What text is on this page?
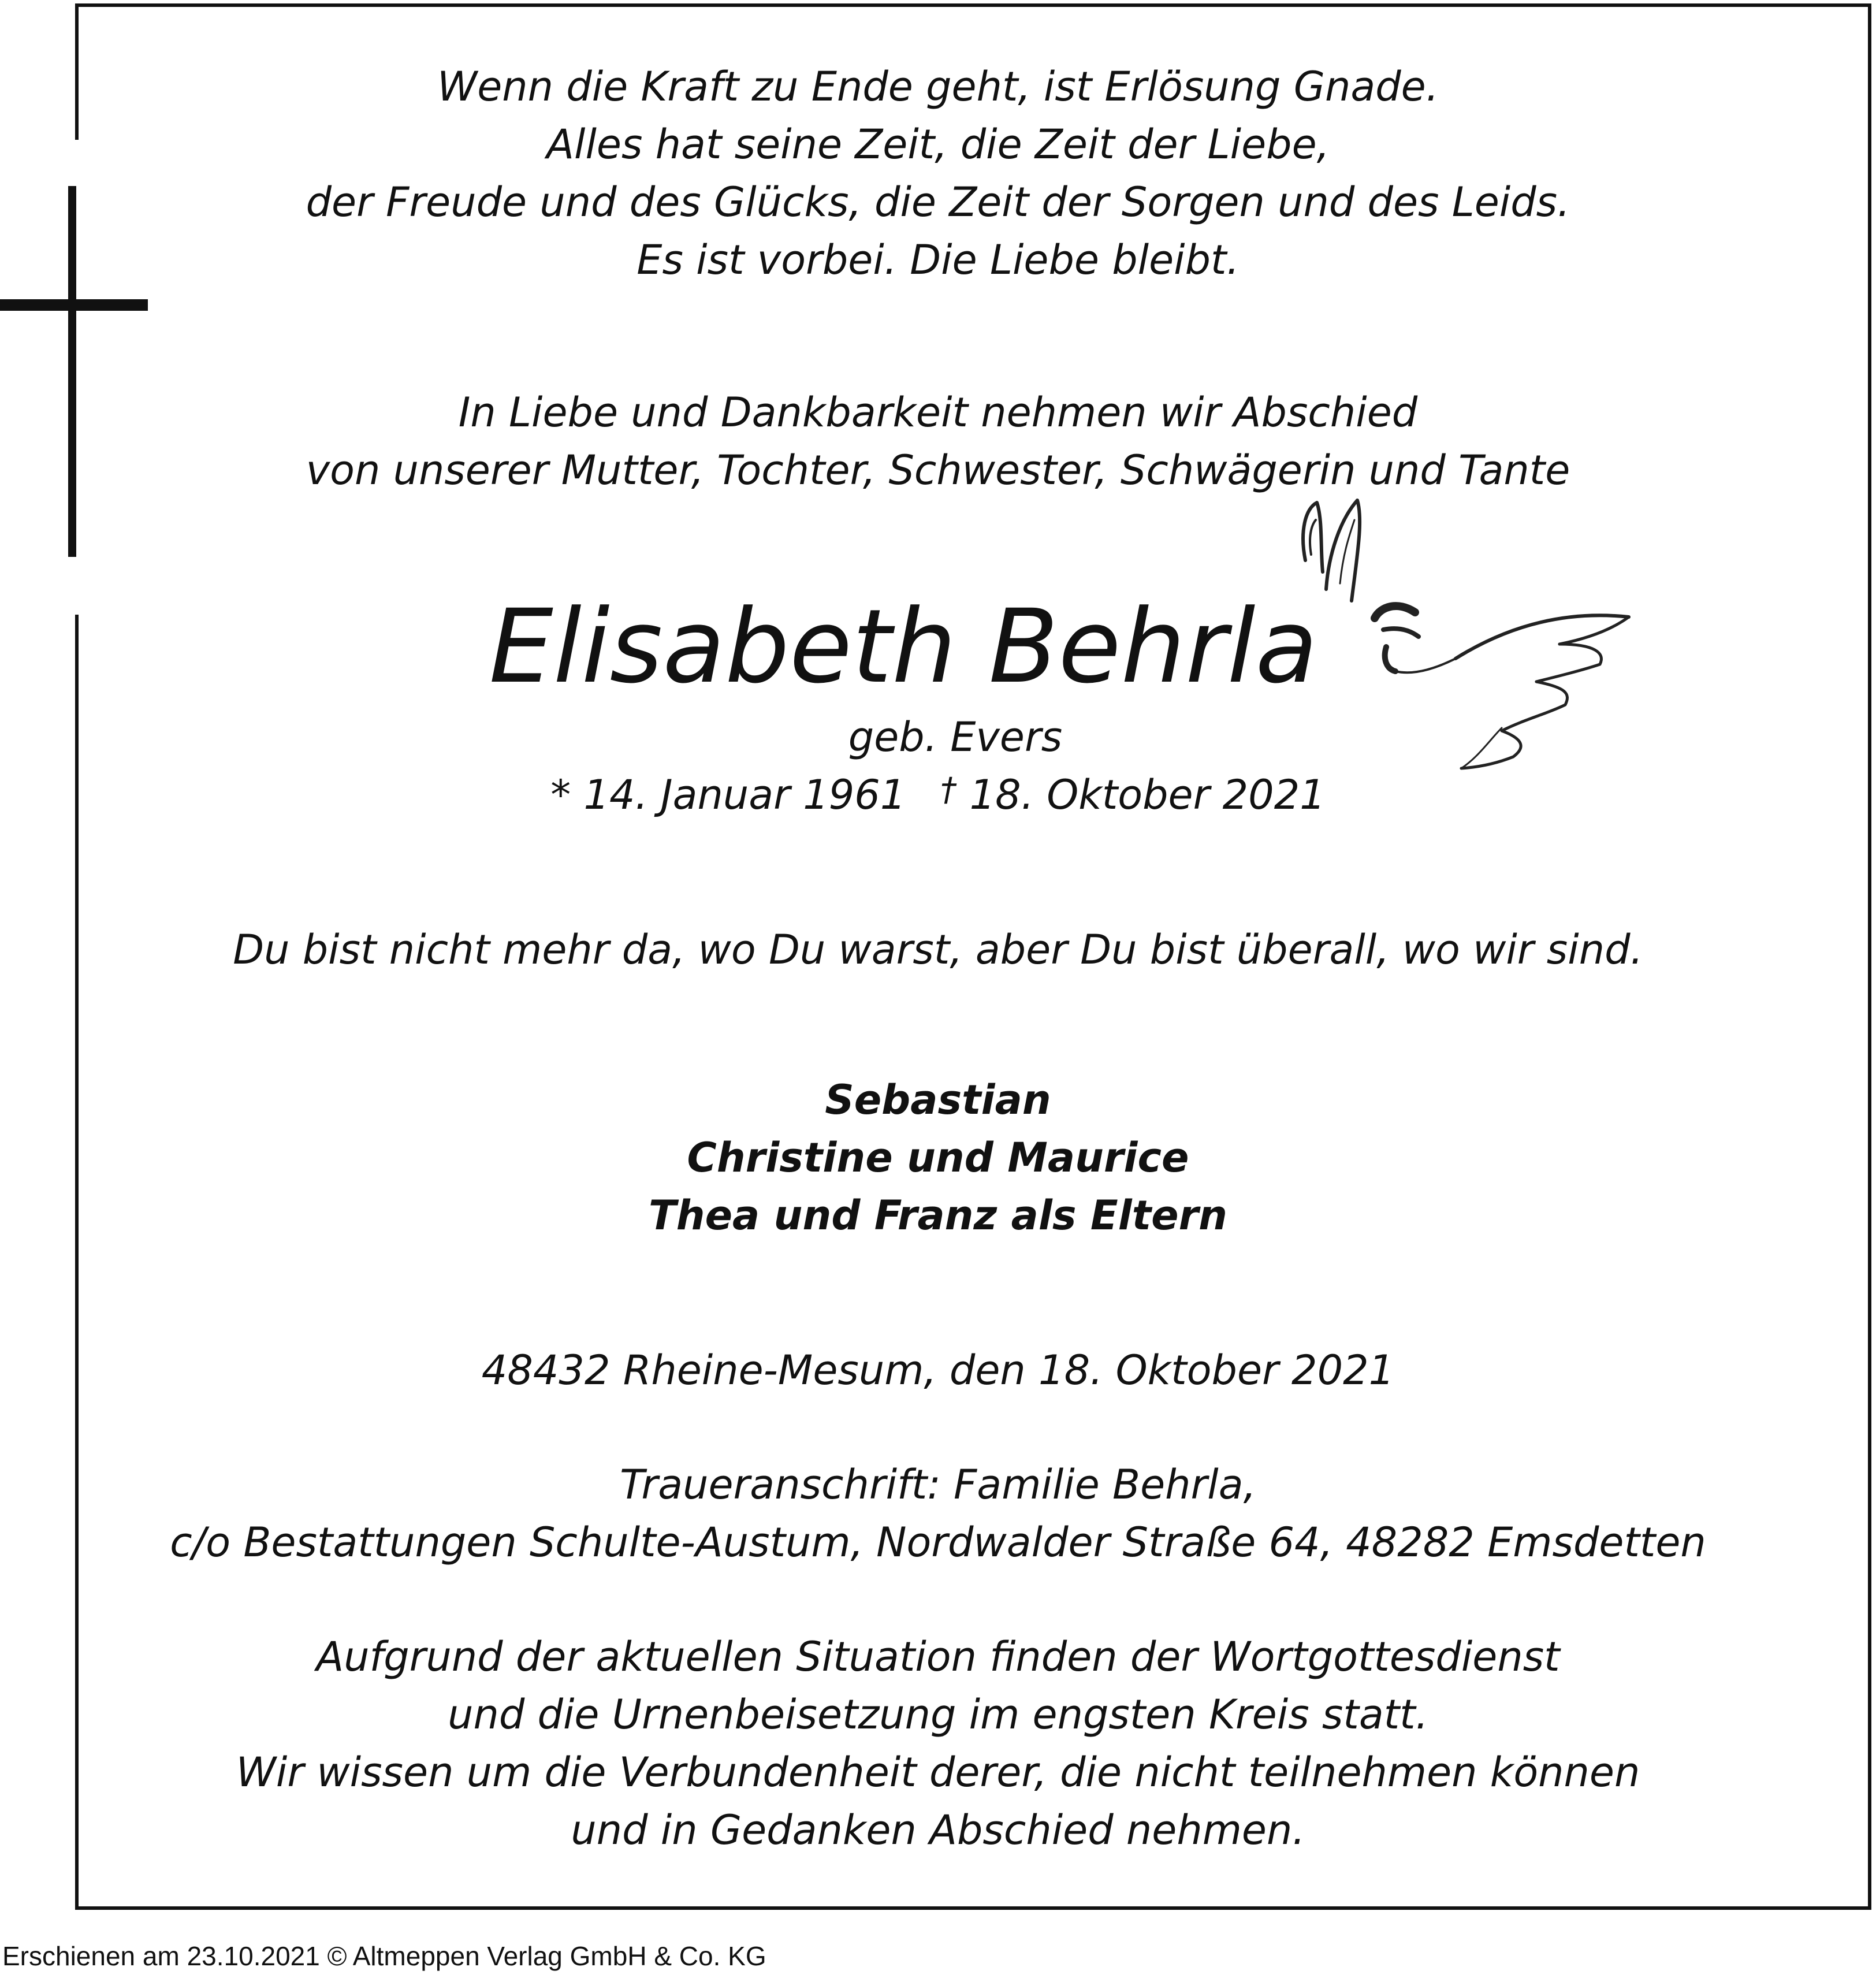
Wenn die Kraft zu Ende geht, ist Erlösung Gnade.
Alles hat seine Zeit, die Zeit der Liebe,
der Freude und des Glücks, die Zeit der Sorgen und des Leids.
Es ist vorbei. Die Liebe bleibt.
In Liebe und Dankbarkeit nehmen wir Abschied
von unserer Mutter, Tochter, Schwester, Schwägerin und Tante
Elisabeth Behrla
geb. Evers
* 14. Januar 1961 † 18. Oktober 2021
Du bist nicht mehr da, wo Du warst, aber Du bist überall, wo wir sind.
Sebastian
Christine und Maurice
Thea und Franz als Eltern
48432 Rheine-Mesum, den 18. Oktober 2021
Traueranschrift: Familie Behrla,
c/o Bestattungen Schulte-Austum, Nordwalder Straße 64, 48282 Emsdetten
Aufgrund der aktuellen Situation finden der Wortgottesdienst
und die Urnenbeisetzung im engsten Kreis statt.
Wir wissen um die Verbundenheit derer, die nicht teilnehmen können
und in Gedanken Abschied nehmen.
Erschienen am 23.10.2021 © Altmeppen Verlag GmbH & Co. KG
